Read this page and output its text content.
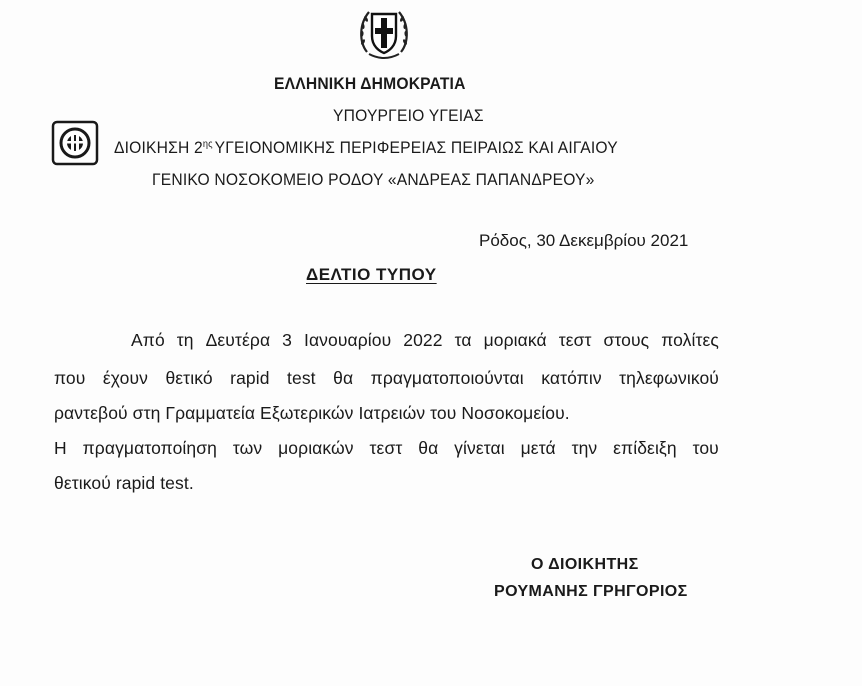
ΕΛΛΗΝΙΚΗ ΔΗΜΟΚΡΑΤΙΑ
ΥΠΟΥΡΓΕΙΟ ΥΓΕΙΑΣ
ΔΙΟΙΚΗΣΗ $2^{\eta\varsigma}$ ΥΓΕΙΟΝΟΜΙΚΗΣ ΠΕΡΙΦΕΡΕΙΑΣ ΠΕΙΡΑΙΩΣ ΚΑΙ ΑΙΓΑΙΟΥ
ΓΕΝΙΚΟ ΝΟΣΟΚΟΜΕΙΟ ΡΟΔΟΥ «ΑΝΔΡΕΑΣ ΠΑΠΑΝΔΡΕΟΥ»
Ρόδος, 30 Δεκεμβρίου 2021
ΔΕΛΤΙΟ ΤΥΠΟΥ
Από τη Δευτέρα 3 Ιανουαρίου 2022 τα μοριακά τεστ στους πολίτες
που έχουν θετικό rapid test θα πραγματοποιούνται κατόπιν τηλεφωνικού
ραντεβού στη Γραμματεία Εξωτερικών Ιατρειών του Νοσοκομείου.
Η πραγματοποίηση των μοριακών τεστ θα γίνεται μετά την επίδειξη του
θετικού rapid test.
Ο ΔΙΟΙΚΗΤΗΣ
ΡΟΥΜΑΝΗΣ ΓΡΗΓΟΡΙΟΣ
